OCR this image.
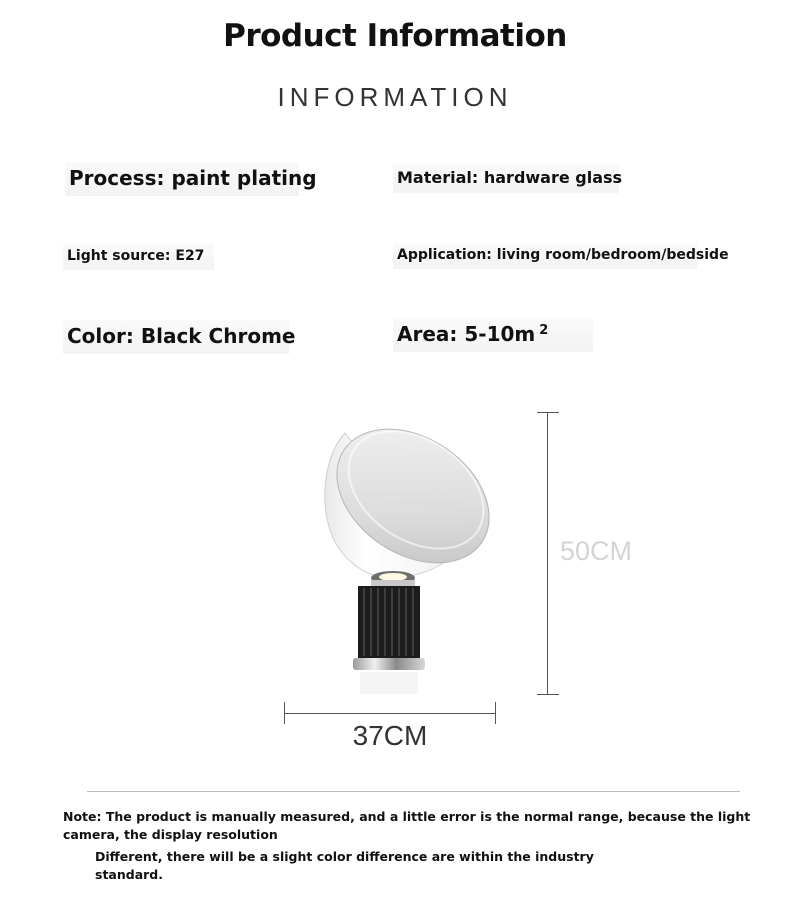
Product Information
INFORMATION
Process: paint plating	Material: hardware glass
Light source: E27	Application: living room/bedroom/bedside
Color: Black Chrome	Area: 5-10m $^2$
50CM
37CM
Note: The product is manually measured, and a little error is the normal range, because the light camera, the display resolution
Different, there will be a slight color difference are within the industry standard.
